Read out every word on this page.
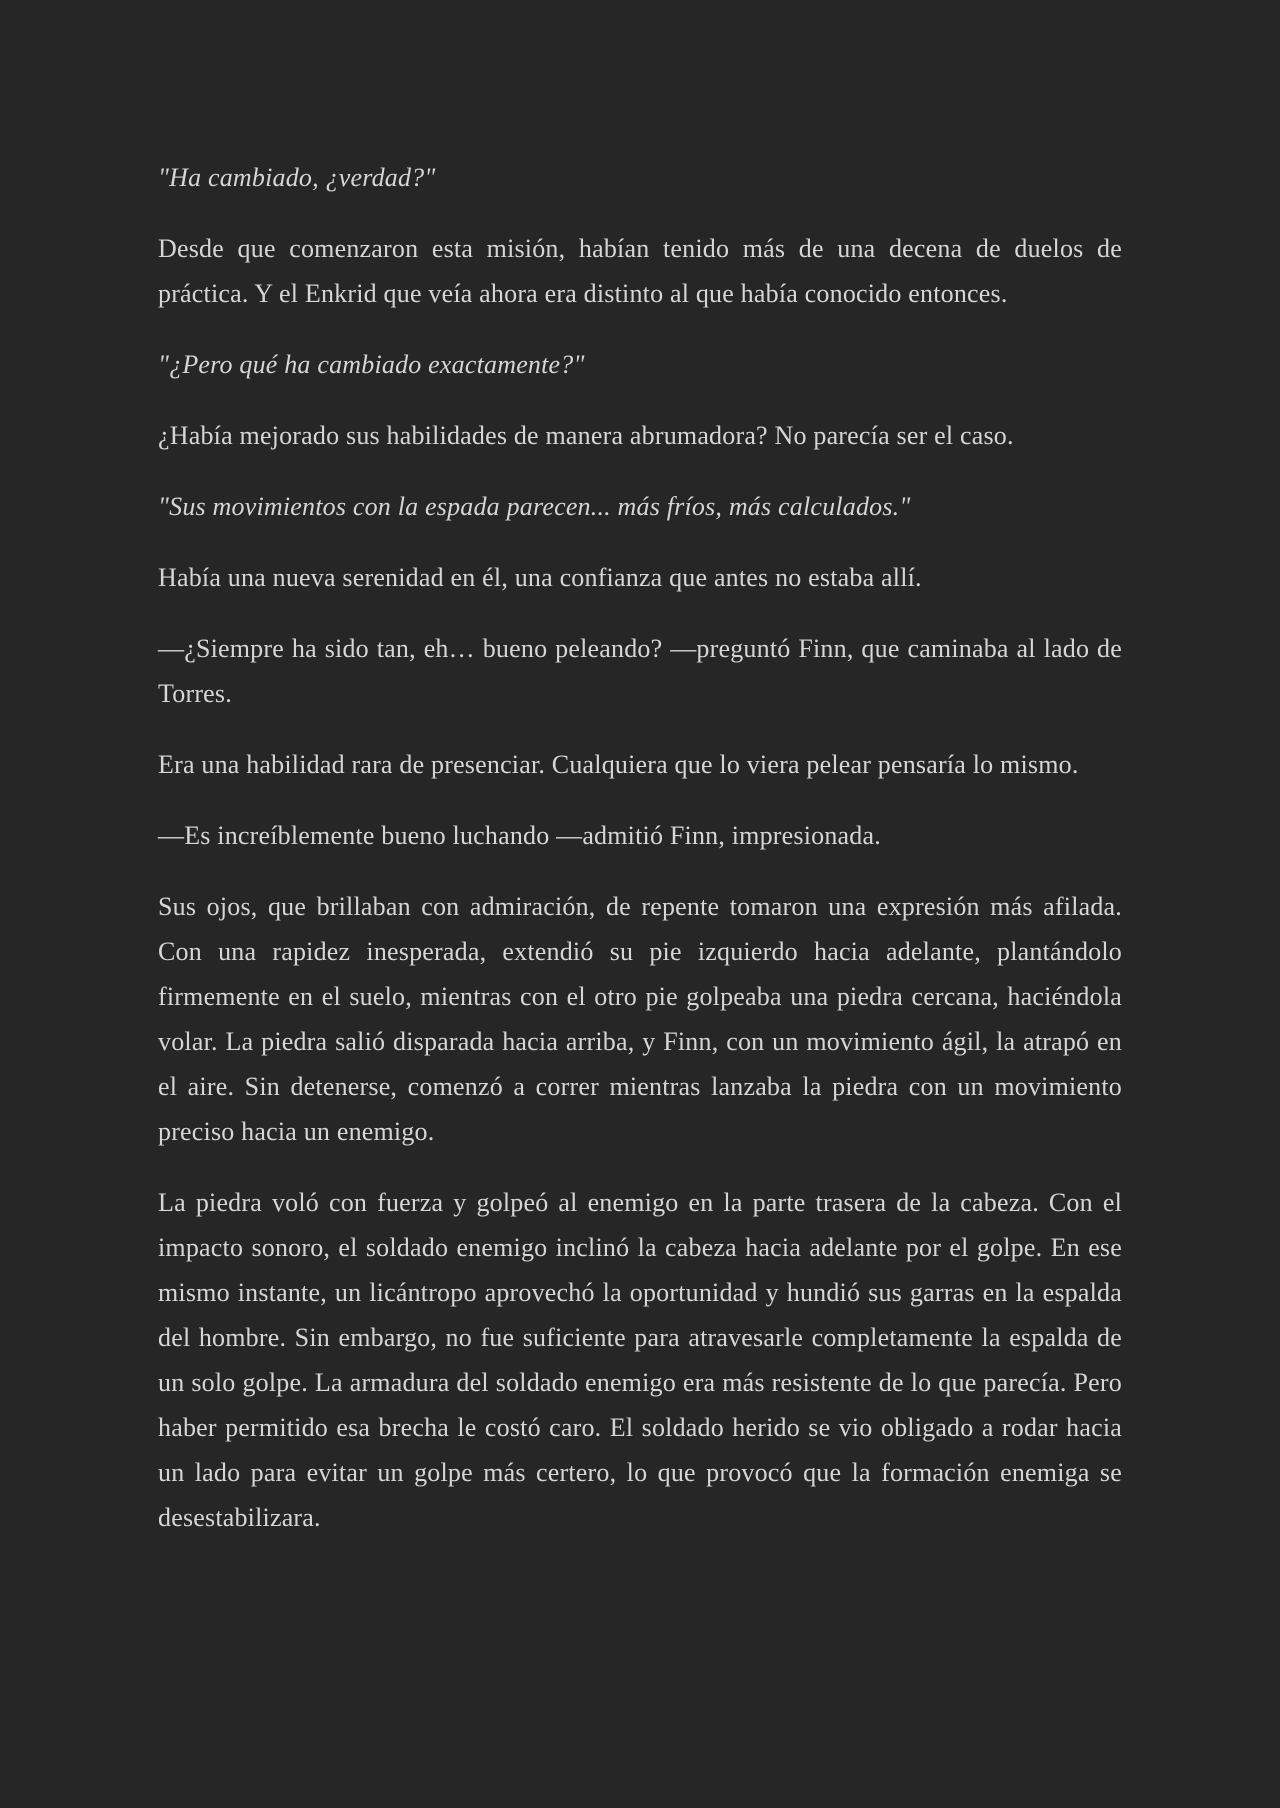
"Ha cambiado, ¿verdad?"

Desde que comenzaron esta misión, habían tenido más de una decena de duelos de práctica. Y el Enkrid que veía ahora era distinto al que había conocido entonces.

"¿Pero qué ha cambiado exactamente?"

¿Había mejorado sus habilidades de manera abrumadora? No parecía ser el caso.

"Sus movimientos con la espada parecen... más fríos, más calculados."

Había una nueva serenidad en él, una confianza que antes no estaba allí.

—¿Siempre ha sido tan, eh… bueno peleando? —preguntó Finn, que caminaba al lado de Torres.

Era una habilidad rara de presenciar. Cualquiera que lo viera pelear pensaría lo mismo.

—Es increíblemente bueno luchando —admitió Finn, impresionada.

Sus ojos, que brillaban con admiración, de repente tomaron una expresión más afilada. Con una rapidez inesperada, extendió su pie izquierdo hacia adelante, plantándolo firmemente en el suelo, mientras con el otro pie golpeaba una piedra cercana, haciéndola volar. La piedra salió disparada hacia arriba, y Finn, con un movimiento ágil, la atrapó en el aire. Sin detenerse, comenzó a correr mientras lanzaba la piedra con un movimiento preciso hacia un enemigo.

La piedra voló con fuerza y golpeó al enemigo en la parte trasera de la cabeza. Con el impacto sonoro, el soldado enemigo inclinó la cabeza hacia adelante por el golpe. En ese mismo instante, un licántropo aprovechó la oportunidad y hundió sus garras en la espalda del hombre. Sin embargo, no fue suficiente para atravesarle completamente la espalda de un solo golpe. La armadura del soldado enemigo era más resistente de lo que parecía. Pero haber permitido esa brecha le costó caro. El soldado herido se vio obligado a rodar hacia un lado para evitar un golpe más certero, lo que provocó que la formación enemiga se desestabilizara.
